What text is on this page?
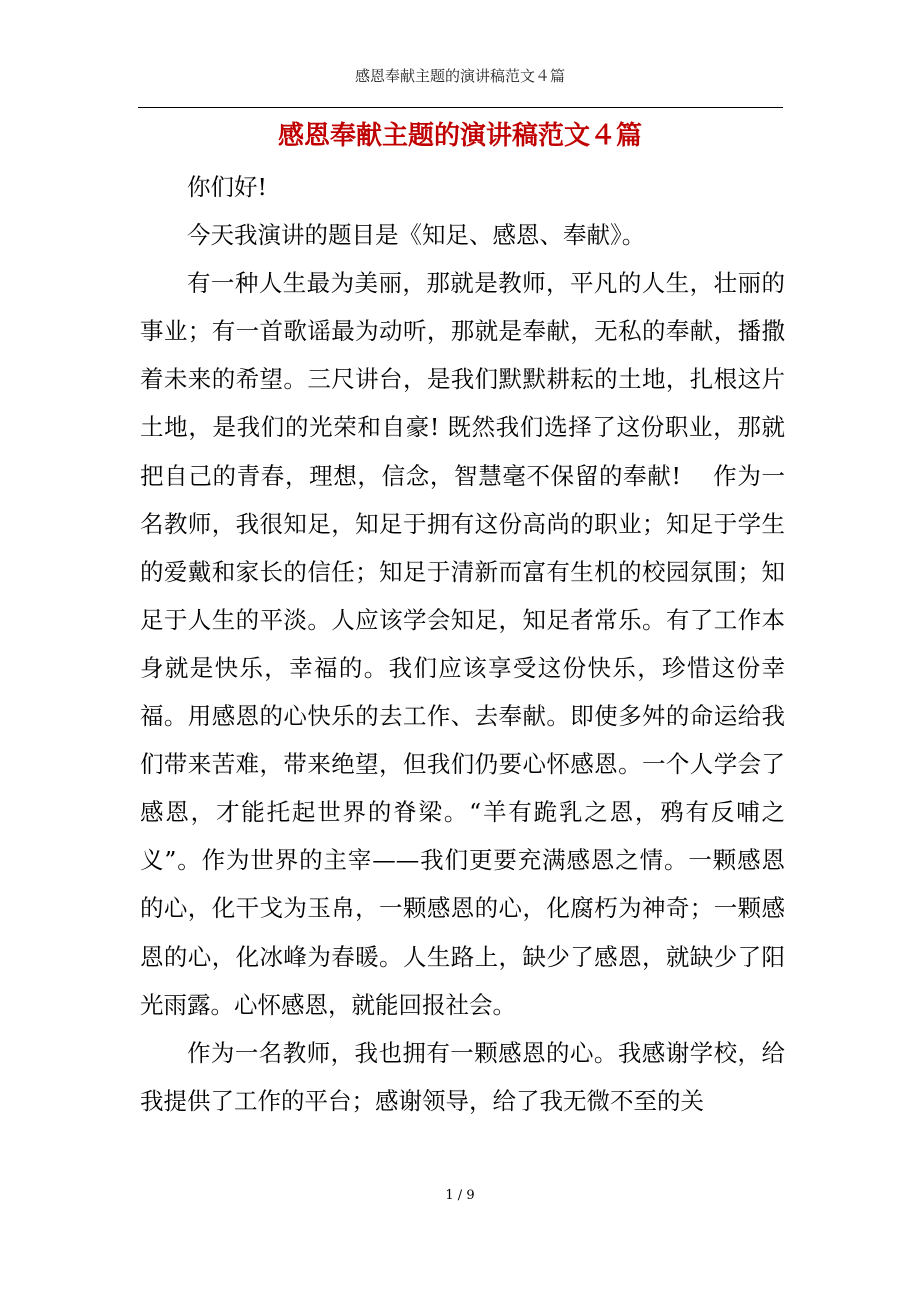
感恩奉献主题的演讲稿范文４篇
感恩奉献主题的演讲稿范文４篇

你们好!

今天我演讲的题目是《知足、感恩、奉献》。

有一种人生最为美丽，那就是教师，平凡的人生，壮丽的事业；有一首歌谣最为动听，那就是奉献，无私的奉献，播撒着未来的希望。三尺讲台，是我们默默耕耘的土地，扎根这片土地，是我们的光荣和自豪! 既然我们选择了这份职业，那就把自己的青春，理想，信念，智慧毫不保留的奉献! 　作为一名教师，我很知足，知足于拥有这份高尚的职业；知足于学生的爱戴和家长的信任；知足于清新而富有生机的校园氛围；知足于人生的平淡。人应该学会知足，知足者常乐。有了工作本身就是快乐，幸福的。我们应该享受这份快乐，珍惜这份幸福。用感恩的心快乐的去工作、去奉献。即使多舛的命运给我们带来苦难，带来绝望，但我们仍要心怀感恩。一个人学会了感恩，才能托起世界的脊梁。“羊有跪乳之恩，鸦有反哺之义”。作为世界的主宰——我们更要充满感恩之情。一颗感恩的心，化干戈为玉帛，一颗感恩的心，化腐朽为神奇；一颗感恩的心，化冰峰为春暖。人生路上，缺少了感恩，就缺少了阳光雨露。心怀感恩，就能回报社会。

作为一名教师，我也拥有一颗感恩的心。我感谢学校，给我提供了工作的平台；感谢领导，给了我无微不至的关

1 / 9
